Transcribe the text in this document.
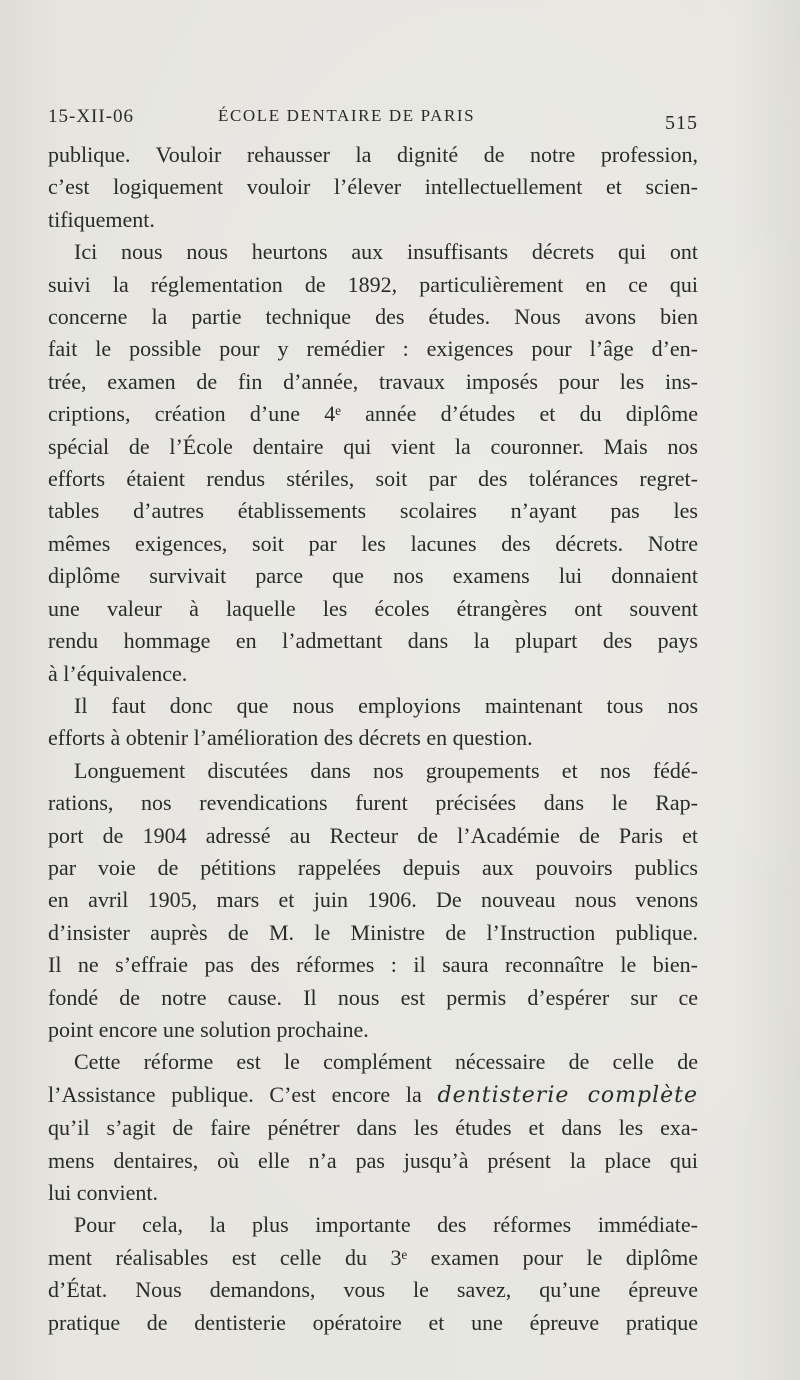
15-XII-06	ÉCOLE DENTAIRE DE PARIS	515

publique. Vouloir rehausser la dignité de notre profession,

c’est logiquement vouloir l’élever intellectuellement et scien-

tifiquement.

Ici nous nous heurtons aux insuffisants décrets qui ont

suivi la réglementation de 1892, particulièrement en ce qui

concerne la partie technique des études. Nous avons bien

fait le possible pour y remédier : exigences pour l’âge d’en-

trée, examen de fin d’année, travaux imposés pour les ins-

criptions, création d’une 4ᵉ année d’études et du diplôme

spécial de l’École dentaire qui vient la couronner. Mais nos

efforts étaient rendus stériles, soit par des tolérances regret-

tables d’autres établissements scolaires n’ayant pas les

mêmes exigences, soit par les lacunes des décrets. Notre

diplôme survivait parce que nos examens lui donnaient

une valeur à laquelle les écoles étrangères ont souvent

rendu hommage en l’admettant dans la plupart des pays

à l’équivalence.

Il faut donc que nous employions maintenant tous nos

efforts à obtenir l’amélioration des décrets en question.

Longuement discutées dans nos groupements et nos fédé-

rations, nos revendications furent précisées dans le Rap-

port de 1904 adressé au Recteur de l’Académie de Paris et

par voie de pétitions rappelées depuis aux pouvoirs publics

en avril 1905, mars et juin 1906. De nouveau nous venons

d’insister auprès de M. le Ministre de l’Instruction publique.

Il ne s’effraie pas des réformes : il saura reconnaître le bien-

fondé de notre cause. Il nous est permis d’espérer sur ce

point encore une solution prochaine.

Cette réforme est le complément nécessaire de celle de

l’Assistance publique. C’est encore la dentisterie complète

qu’il s’agit de faire pénétrer dans les études et dans les exa-

mens dentaires, où elle n’a pas jusqu’à présent la place qui

lui convient.

Pour cela, la plus importante des réformes immédiate-

ment réalisables est celle du 3ᵉ examen pour le diplôme

d’État. Nous demandons, vous le savez, qu’une épreuve

pratique de dentisterie opératoire et une épreuve pratique
